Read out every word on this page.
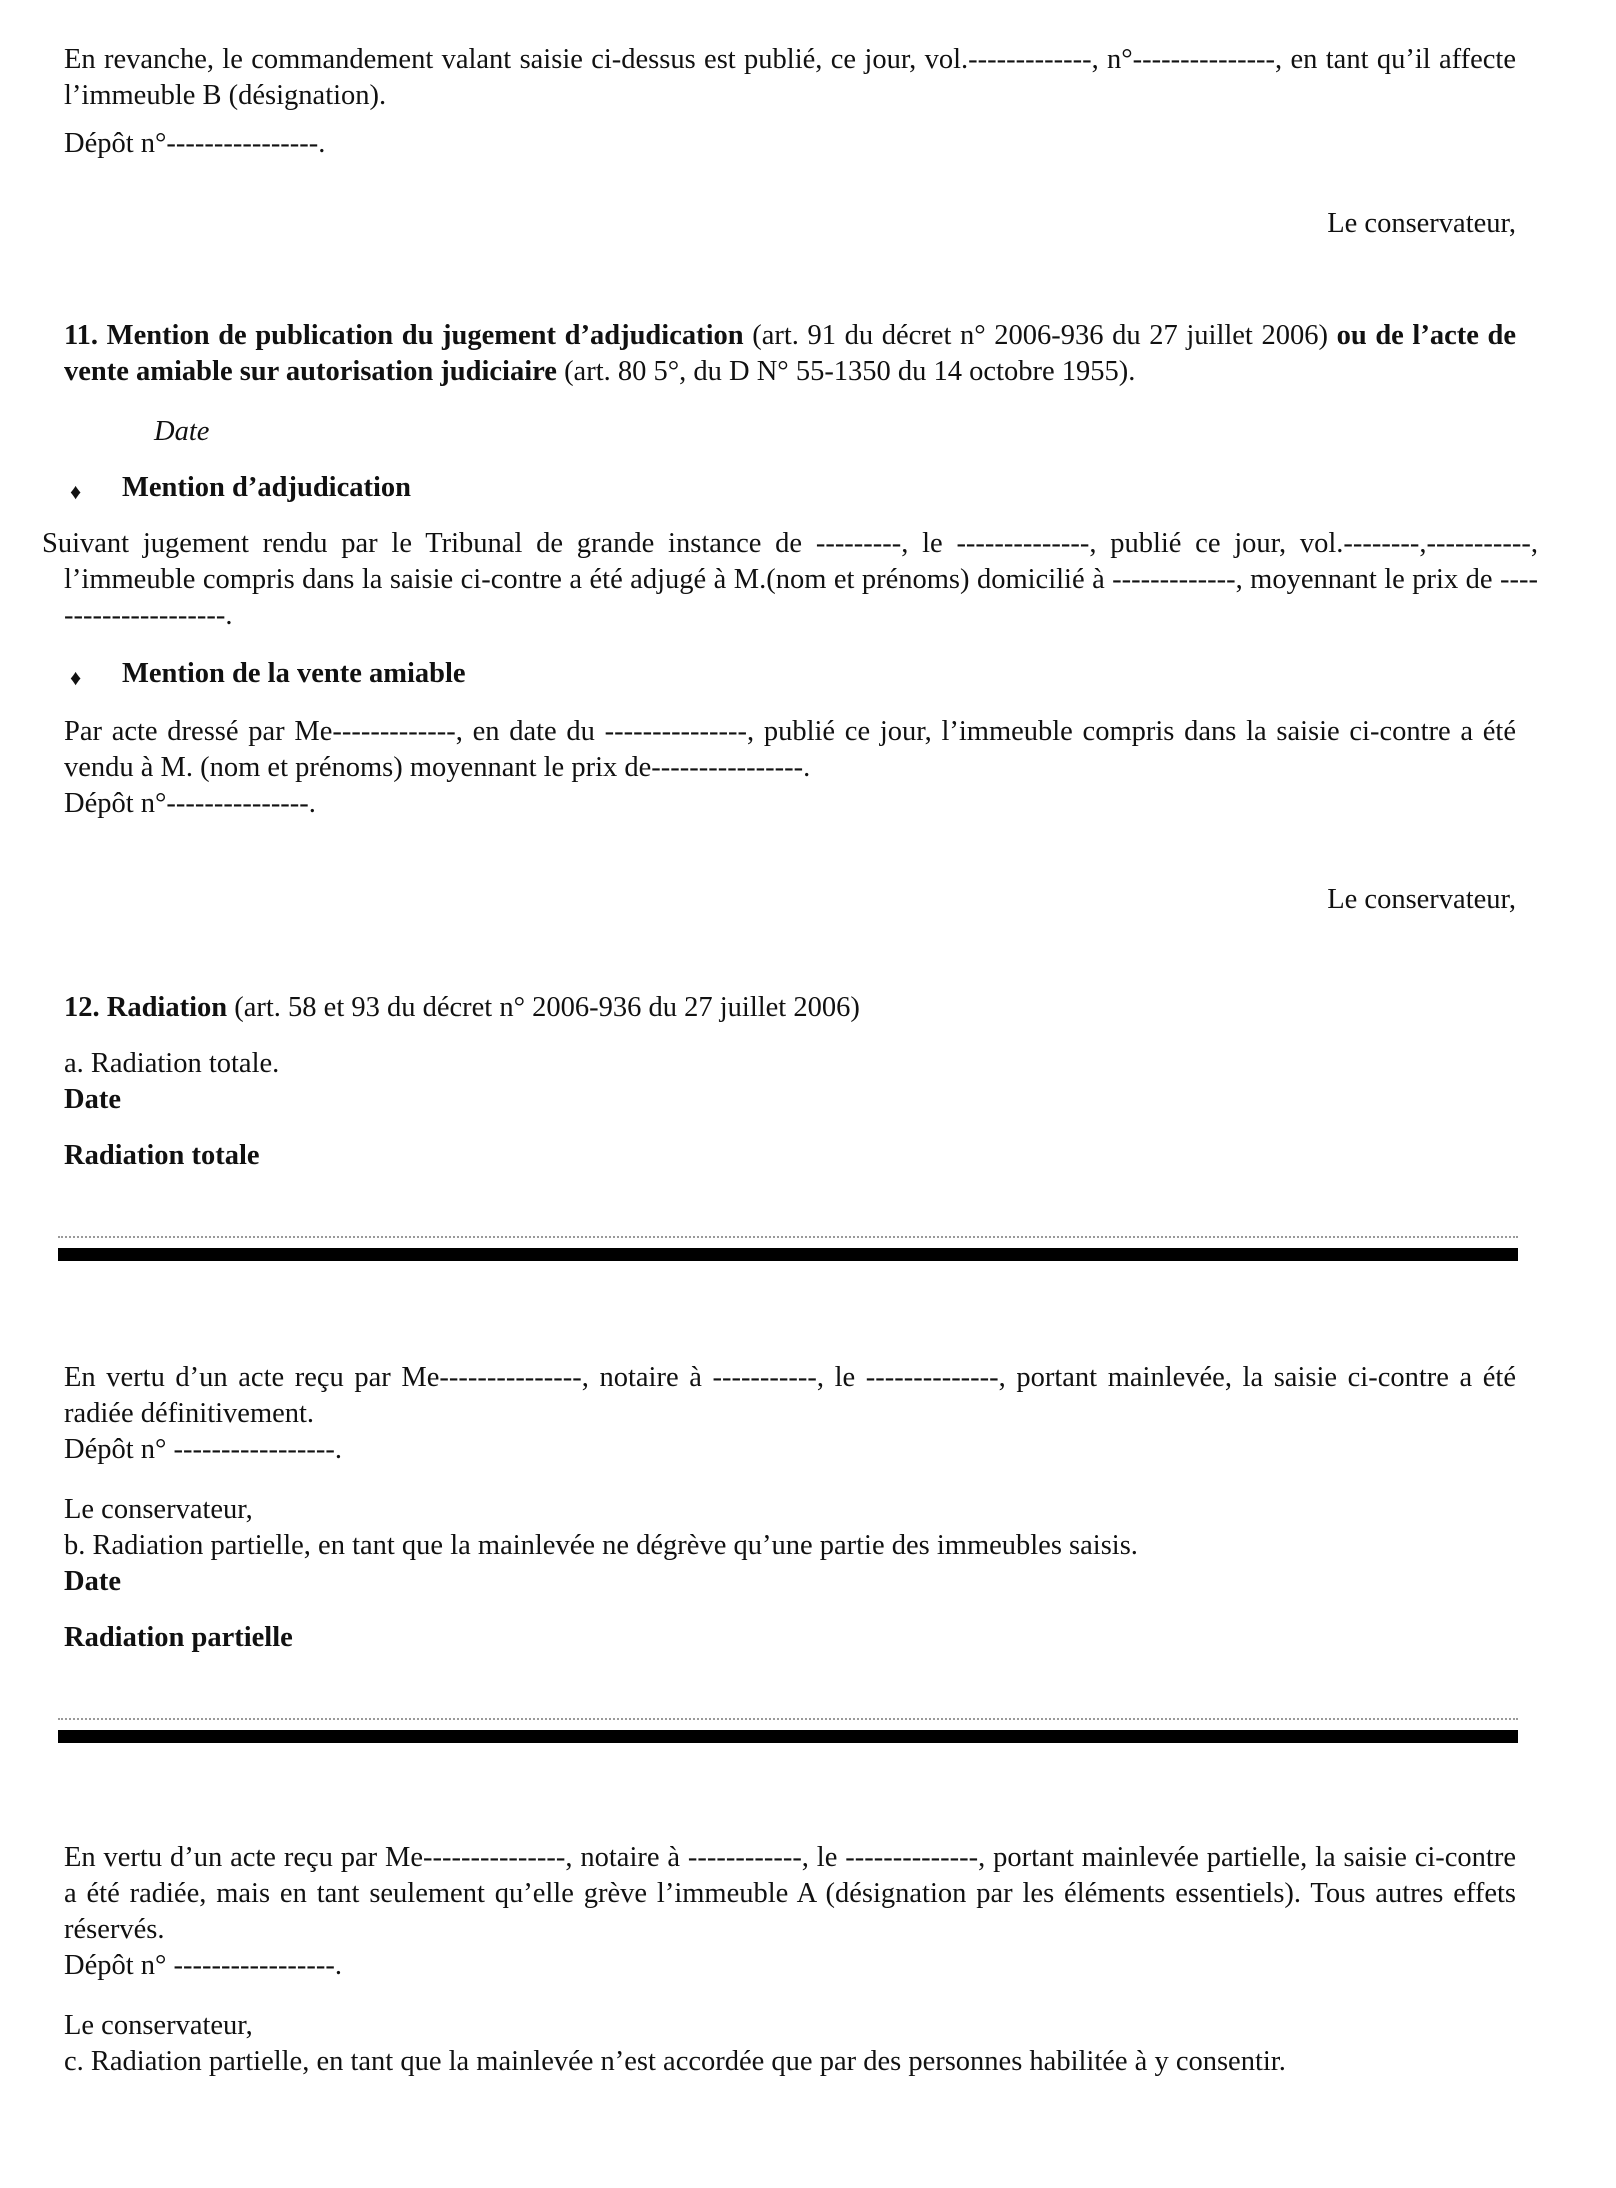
En revanche, le commandement valant saisie ci-dessus est publié, ce jour, vol.-------------, n°---------------, en tant qu’il affecte l’immeuble B (désignation).

Dépôt n°----------------.

Le conservateur,

11. Mention de publication du jugement d’adjudication (art. 91 du décret n° 2006-936 du 27 juillet 2006) ou de l’acte de vente amiable sur autorisation judiciaire (art. 80 5°, du D N° 55-1350 du 14 octobre 1955).

Date
♦ Mention d’adjudication

Suivant jugement rendu par le Tribunal de grande instance de ---------, le --------------, publié ce jour, vol.--------,-----------, l’immeuble compris dans la saisie ci-contre a été adjugé à M.(nom et prénoms) domicilié à -------------, moyennant le prix de ---------------------.

♦ Mention de la vente amiable

Par acte dressé par Me-------------, en date du ---------------, publié ce jour, l’immeuble compris dans la saisie ci-contre a été vendu à M. (nom et prénoms) moyennant le prix de----------------.

Dépôt n°---------------.

Le conservateur,

12. Radiation (art. 58 et 93 du décret n° 2006-936 du 27 juillet 2006)

a. Radiation totale.

Date

Radiation totale

En vertu d’un acte reçu par Me---------------, notaire à -----------, le --------------, portant mainlevée, la saisie ci-contre a été radiée définitivement.

Dépôt n° -----------------.

Le conservateur,

b. Radiation partielle, en tant que la mainlevée ne dégrève qu’une partie des immeubles saisis.

Date

Radiation partielle

En vertu d’un acte reçu par Me---------------, notaire à ------------, le --------------, portant mainlevée partielle, la saisie ci-contre a été radiée, mais en tant seulement qu’elle grève l’immeuble A (désignation par les éléments essentiels). Tous autres effets réservés.

Dépôt n° -----------------.

Le conservateur,

c. Radiation partielle, en tant que la mainlevée n’est accordée que par des personnes habilitée à y consentir.
